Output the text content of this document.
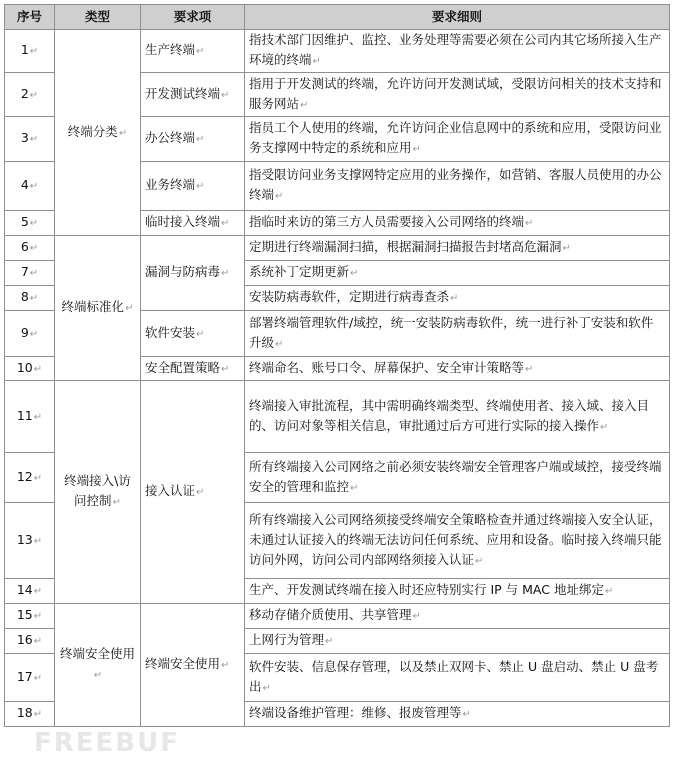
FREEBUF
序号	类型	要求项	要求细则
1↵	终端分类↵	生产终端↵	指技术部门因维护、监控、业务处理等需要必须在公司内其它场所接入生产环境的终端↵
2↵		开发测试终端↵	指用于开发测试的终端，允许访问开发测试域，受限访问相关的技术支持和服务网站↵
3↵		办公终端↵	指员工个人使用的终端，允许访问企业信息网中的系统和应用，受限访问业务支撑网中特定的系统和应用↵
4↵		业务终端↵	指受限访问业务支撑网特定应用的业务操作，如营销、客服人员使用的办公终端↵
5↵		临时接入终端↵	指临时来访的第三方人员需要接入公司网络的终端↵
6↵	终端标准化↵	漏洞与防病毒↵	定期进行终端漏洞扫描，根据漏洞扫描报告封堵高危漏洞↵
7↵			系统补丁定期更新↵
8↵			安装防病毒软件，定期进行病毒查杀↵
9↵		软件安装↵	部署终端管理软件/域控，统一安装防病毒软件，统一进行补丁安装和软件升级↵
10↵		安全配置策略↵	终端命名、账号口令、屏幕保护、安全审计策略等↵
11↵	终端接入\访问控制↵	接入认证↵	终端接入审批流程，其中需明确终端类型、终端使用者、接入域、接入目的、访问对象等相关信息，审批通过后方可进行实际的接入操作↵
12↵			所有终端接入公司网络之前必须安装终端安全管理客户端或域控，接受终端安全的管理和监控↵
13↵			所有终端接入公司网络须接受终端安全策略检查并通过终端接入安全认证，未通过认证接入的终端无法访问任何系统、应用和设备。临时接入终端只能访问外网，访问公司内部网络须接入认证↵
14↵			生产、开发测试终端在接入时还应特别实行 IP 与 MAC 地址绑定↵
15↵	终端安全使用↵	终端安全使用↵	移动存储介质使用、共享管理↵
16↵			上网行为管理↵
17↵			软件安装、信息保存管理，以及禁止双网卡、禁止 U 盘启动、禁止 U 盘考出↵
18↵			终端设备维护管理：维修、报废管理等↵
